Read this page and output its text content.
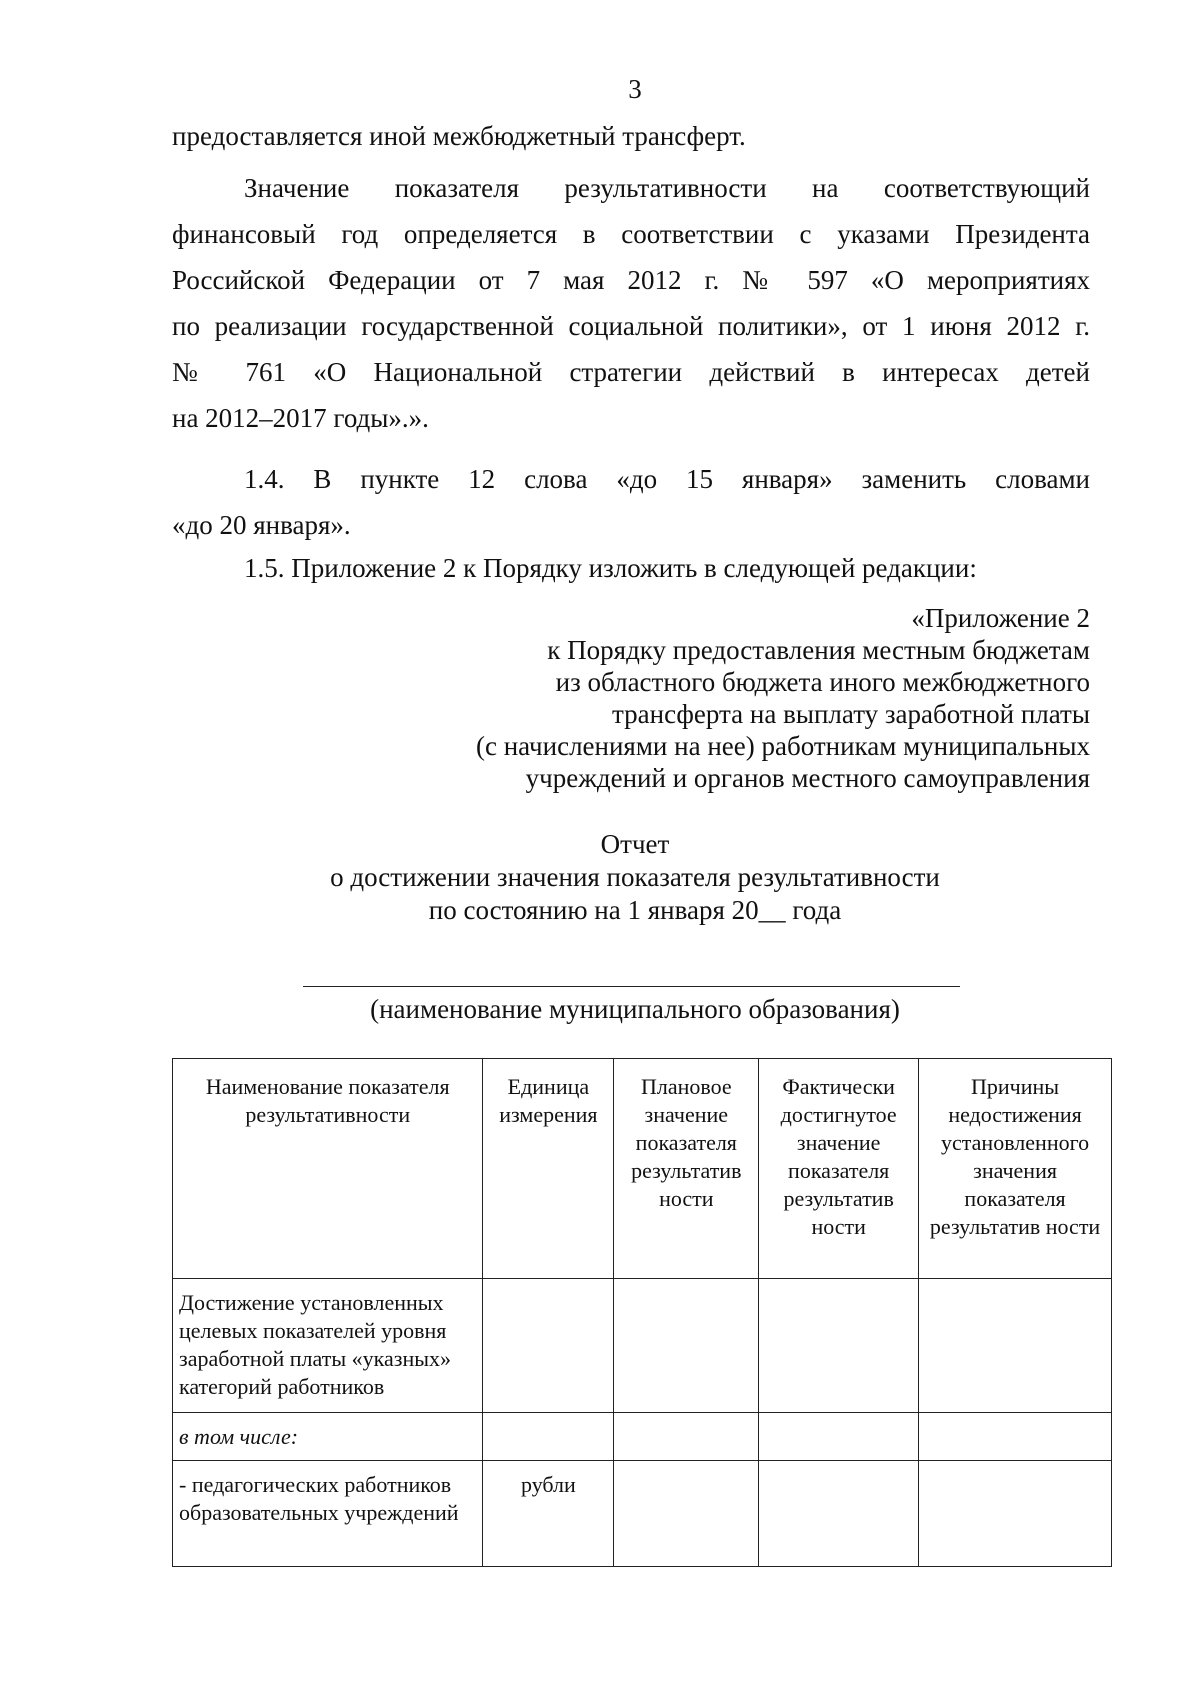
3

предоставляется иной межбюджетный трансферт.

Значение показателя результативности на соответствующий
финансовый год определяется в соответствии с указами Президента
Российской Федерации от 7 мая 2012 г. № 597 «О мероприятиях
по реализации государственной социальной политики», от 1 июня 2012 г.
№ 761 «О Национальной стратегии действий в интересах детей
на 2012–2017 годы».».
1.4. В пункте 12 слова «до 15 января» заменить словами
«до 20 января».

1.5. Приложение 2 к Порядку изложить в следующей редакции:

«Приложение 2
к Порядку предоставления местным бюджетам
из областного бюджета иного межбюджетного
трансферта на выплату заработной платы
(с начислениями на нее) работникам муниципальных
учреждений и органов местного самоуправления
Отчет
о достижении значения показателя результативности
по состоянию на 1 января 20__ года
(наименование муниципального образования)
Наименование показателя результативности	Единица измерения	Плановое значение показателя результатив ности	Фактически достигнутое значение показателя результатив ности	Причины недостижения установленного значения показателя результатив ности
Достижение установленных целевых показателей уровня заработной платы «указных» категорий работников				
в том числе:				
- педагогических работников образовательных учреждений	рубли			
